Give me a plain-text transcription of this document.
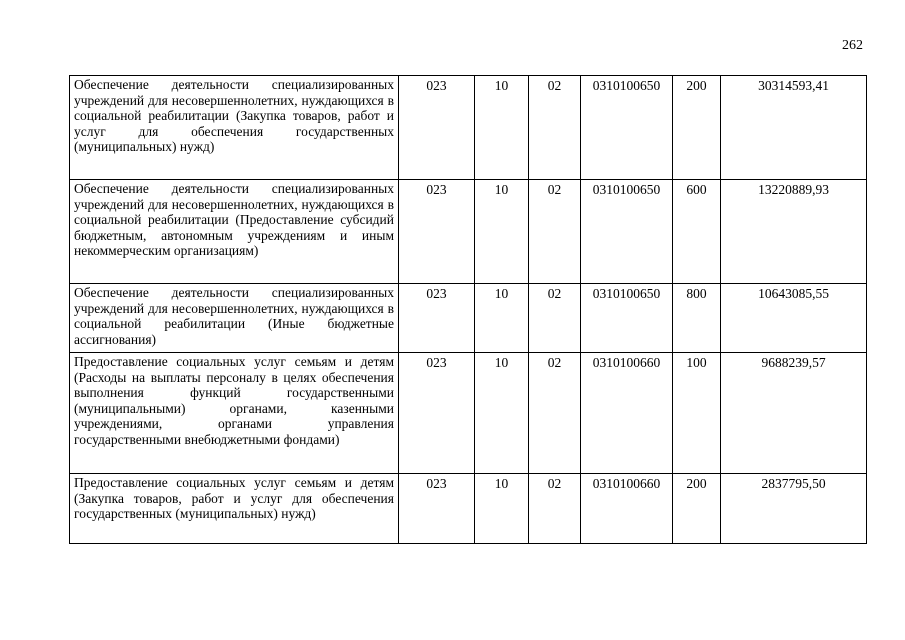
262
Обеспечение деятельности специализированных учреждений для несовершеннолетних, нуждающихся в социальной реабилитации (Закупка товаров, работ и услуг для обеспечения государственных (муниципальных) нужд)	023	10	02	0310100650	200	30314593,41
Обеспечение деятельности специализированных учреждений для несовершеннолетних, нуждающихся в социальной реабилитации (Предоставление субсидий бюджетным, автономным учреждениям и иным некоммерческим организациям)	023	10	02	0310100650	600	13220889,93
Обеспечение деятельности специализированных учреждений для несовершеннолетних, нуждающихся в социальной реабилитации (Иные бюджетные ассигнования)	023	10	02	0310100650	800	10643085,55
Предоставление социальных услуг семьям и детям (Расходы на выплаты персоналу в целях обеспечения выполнения функций государственными (муниципальными) органами, казенными учреждениями, органами управления государственными внебюджетными фондами)	023	10	02	0310100660	100	9688239,57
Предоставление социальных услуг семьям и детям (Закупка товаров, работ и услуг для обеспечения государственных (муниципальных) нужд)	023	10	02	0310100660	200	2837795,50
